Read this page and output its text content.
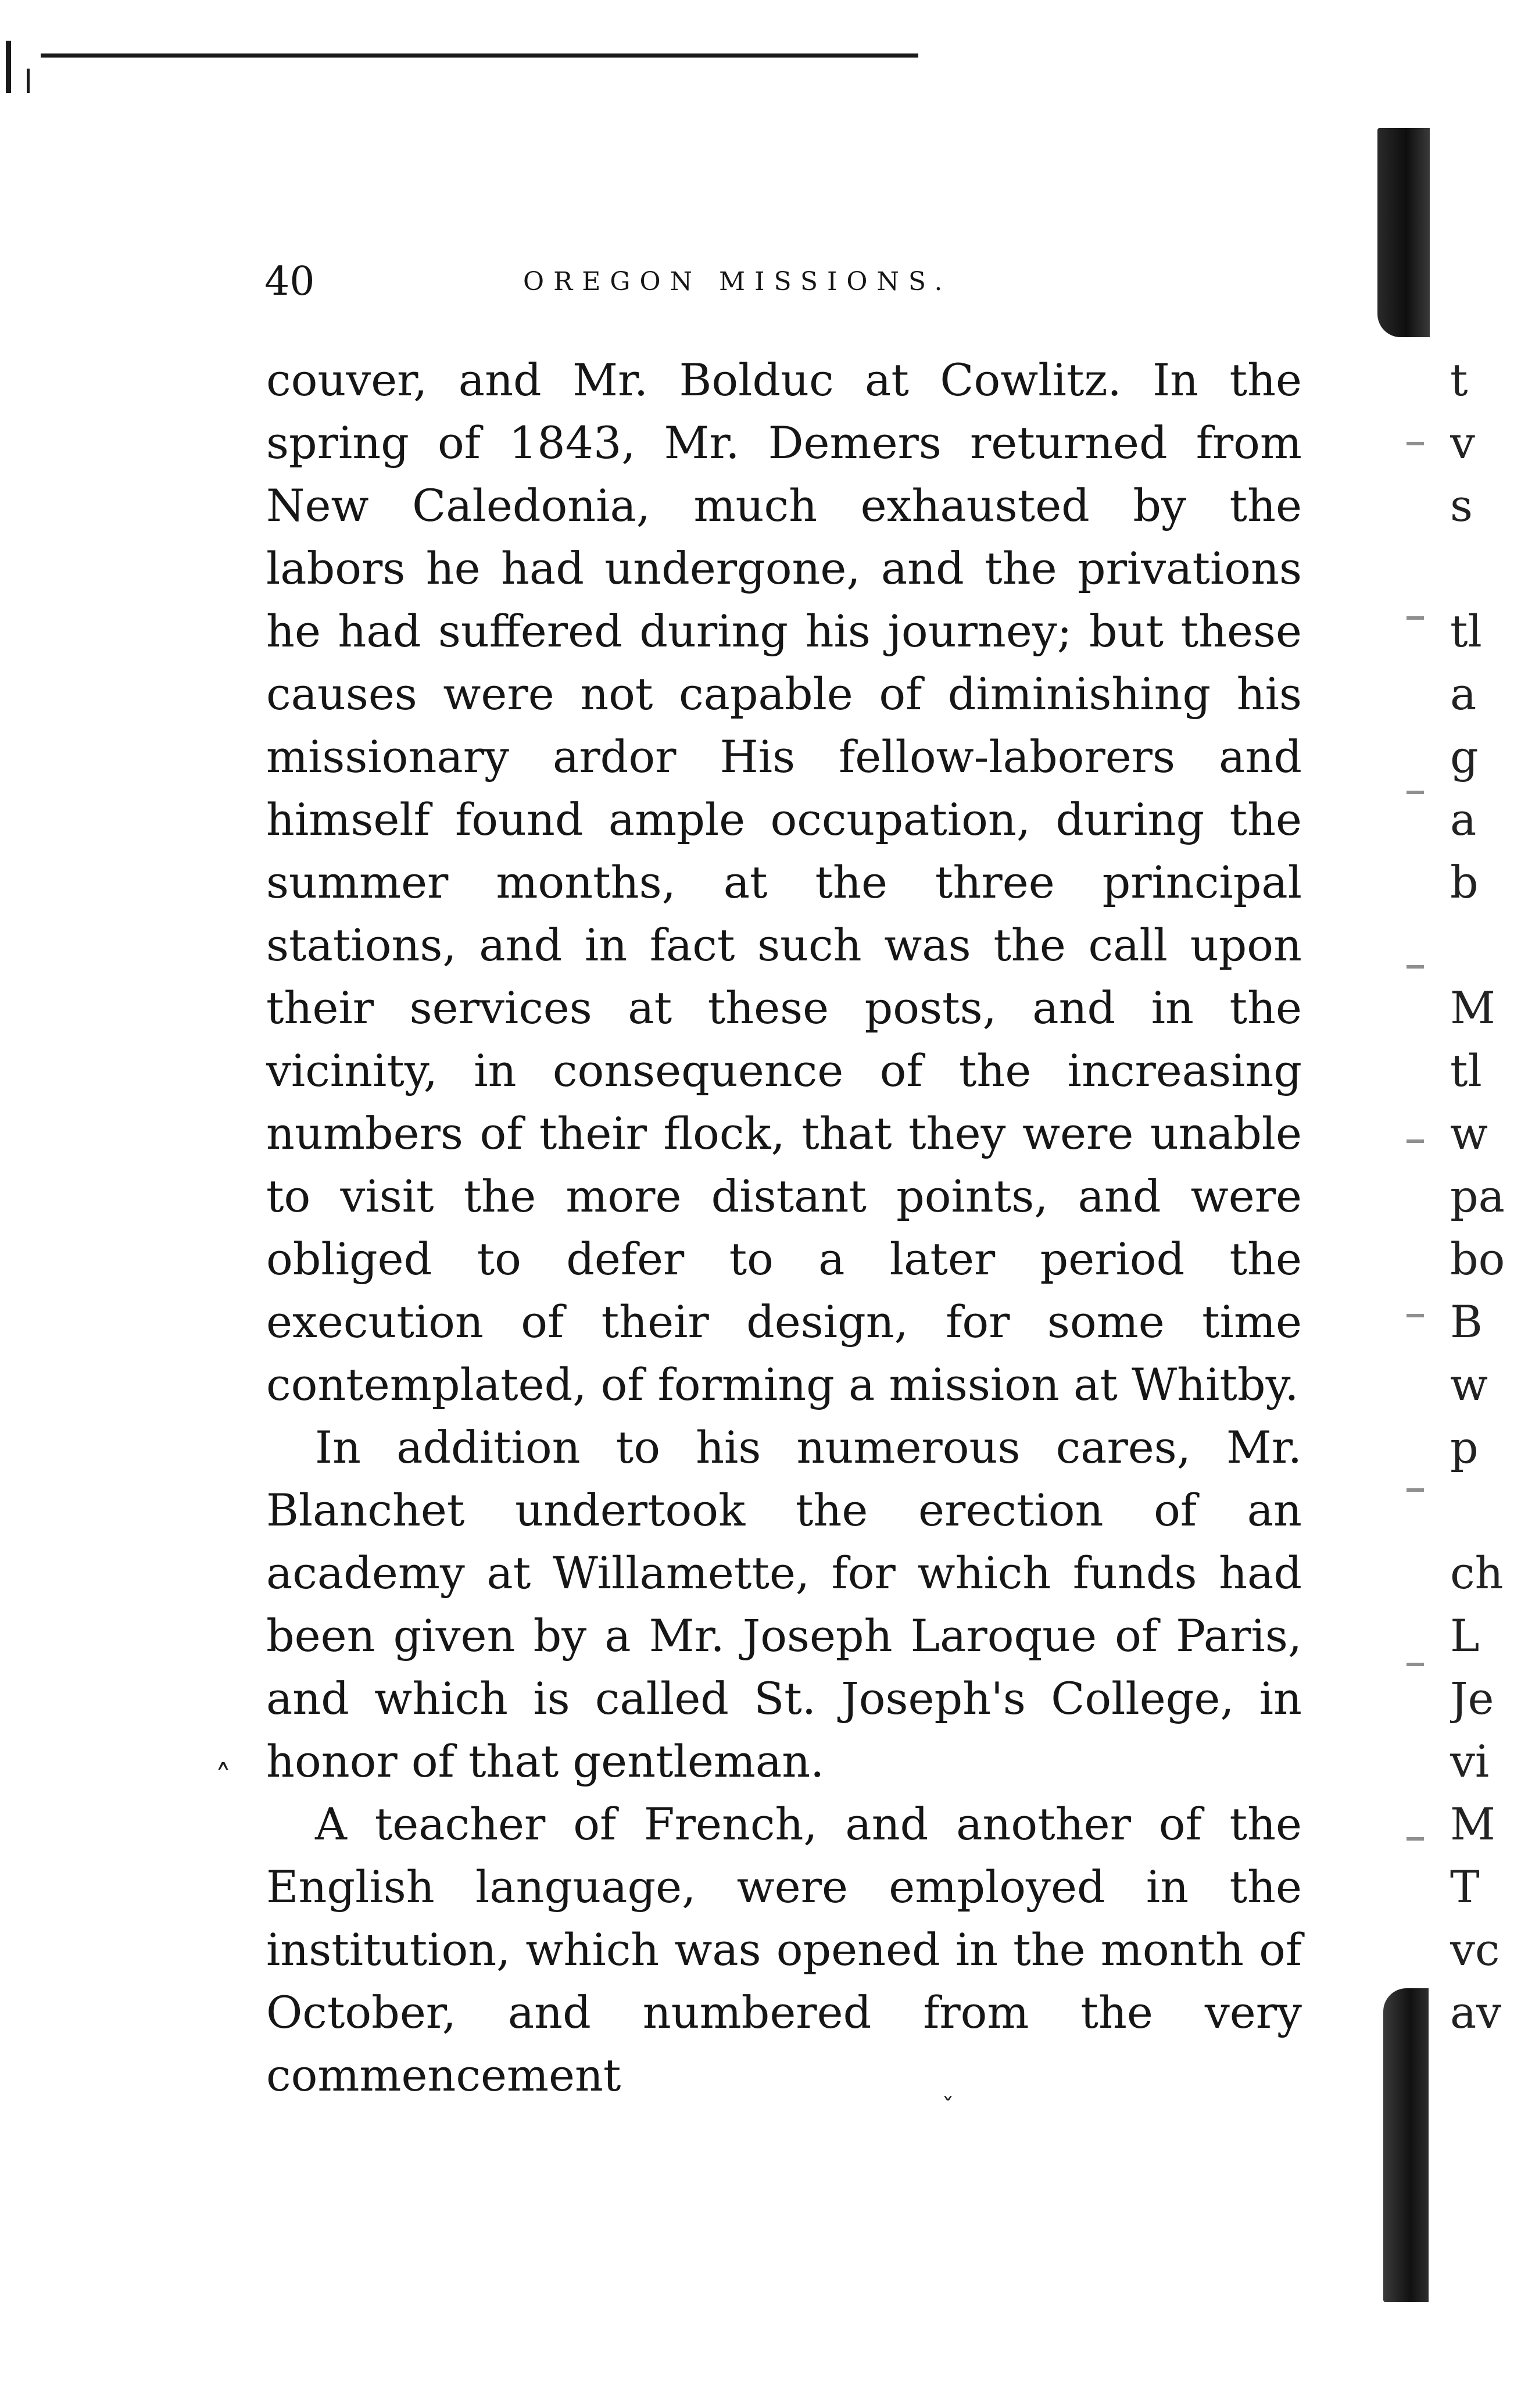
40	OREGON MISSIONS.

couver, and Mr. Bolduc at Cowlitz. In the spring of 1843, Mr. Demers returned from New Caledonia, much exhausted by the labors he had undergone, and the privations he had suffered during his journey; but these causes were not capable of diminishing his missionary ardor His fellow-laborers and himself found ample occupation, during the summer months, at the three principal stations, and in fact such was the call upon their services at these posts, and in the vicinity, in consequence of the increasing numbers of their flock, that they were unable to visit the more distant points, and were obliged to defer to a later period the execution of their design, for some time contemplated, of forming a mission at Whitby.

In addition to his numerous cares, Mr. Blanchet undertook the erection of an academy at Willamette, for which funds had been given by a Mr. Joseph Laroque of Paris, and which is called St. Joseph's College, in honor of that gentleman.

A teacher of French, and another of the English language, were employed in the institution, which was opened in the month of October, and numbered from the very commencement

˄
ˇ
t
v
s
tl
a
g
a
b
M
tl
w
pa
bo
B
w
p
ch
L
Je
vi
M
T
vc
av
